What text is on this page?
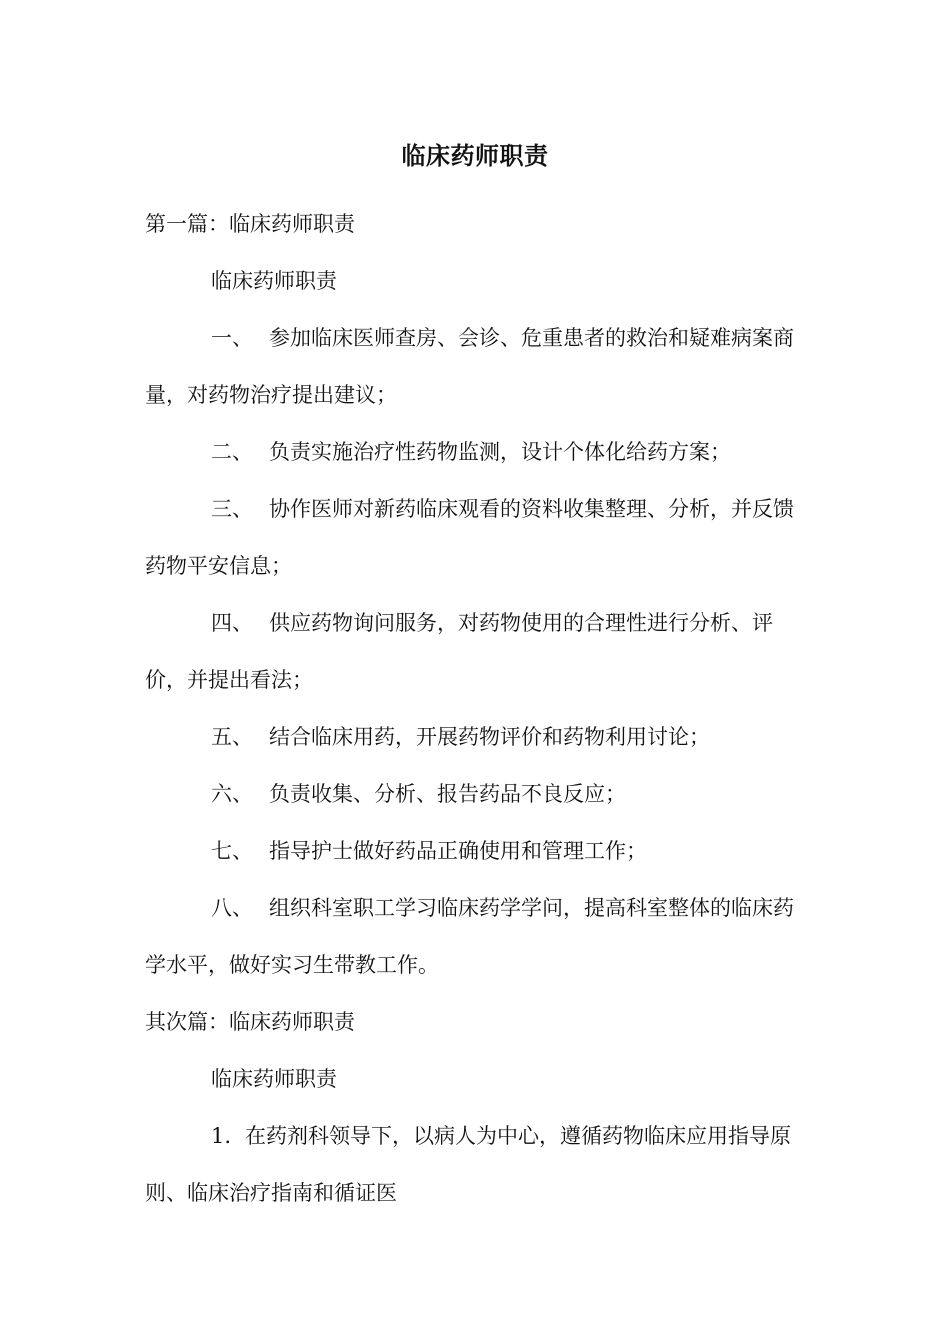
临床药师职责

第一篇：临床药师职责

临床药师职责

一、 参加临床医师查房、会诊、危重患者的救治和疑难病案商量，对药物治疗提出建议；

二、 负责实施治疗性药物监测，设计个体化给药方案；

三、 协作医师对新药临床观看的资料收集整理、分析，并反馈药物平安信息；

四、 供应药物询问服务，对药物使用的合理性进行分析、评价，并提出看法；

五、 结合临床用药，开展药物评价和药物利用讨论；

六、 负责收集、分析、报告药品不良反应；

七、 指导护士做好药品正确使用和管理工作；

八、 组织科室职工学习临床药学学问，提高科室整体的临床药学水平，做好实习生带教工作。

其次篇：临床药师职责

临床药师职责

1. 在药剂科领导下，以病人为中心，遵循药物临床应用指导原则、临床治疗指南和循证医
